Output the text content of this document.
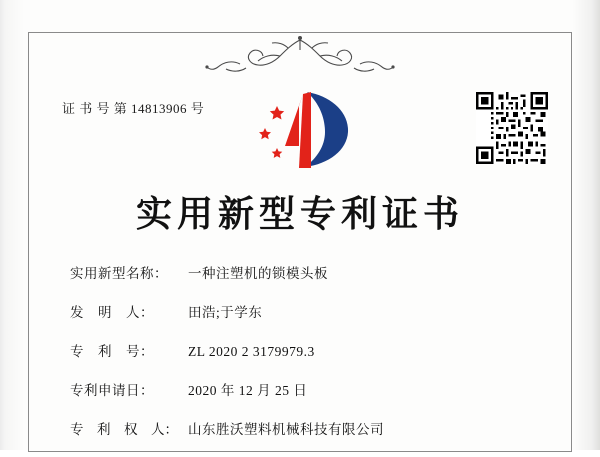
证 书 号 第 14813906 号
实用新型专利证书
实用新型名称：	一种注塑机的锁模头板
发　明　人：	田浩;于学东
专　利　号：	ZL 2020 2 3179979.3
专利申请日：	2020 年 12 月 25 日
专　利　权　人： 山东胜沃塑料机械科技有限公司
